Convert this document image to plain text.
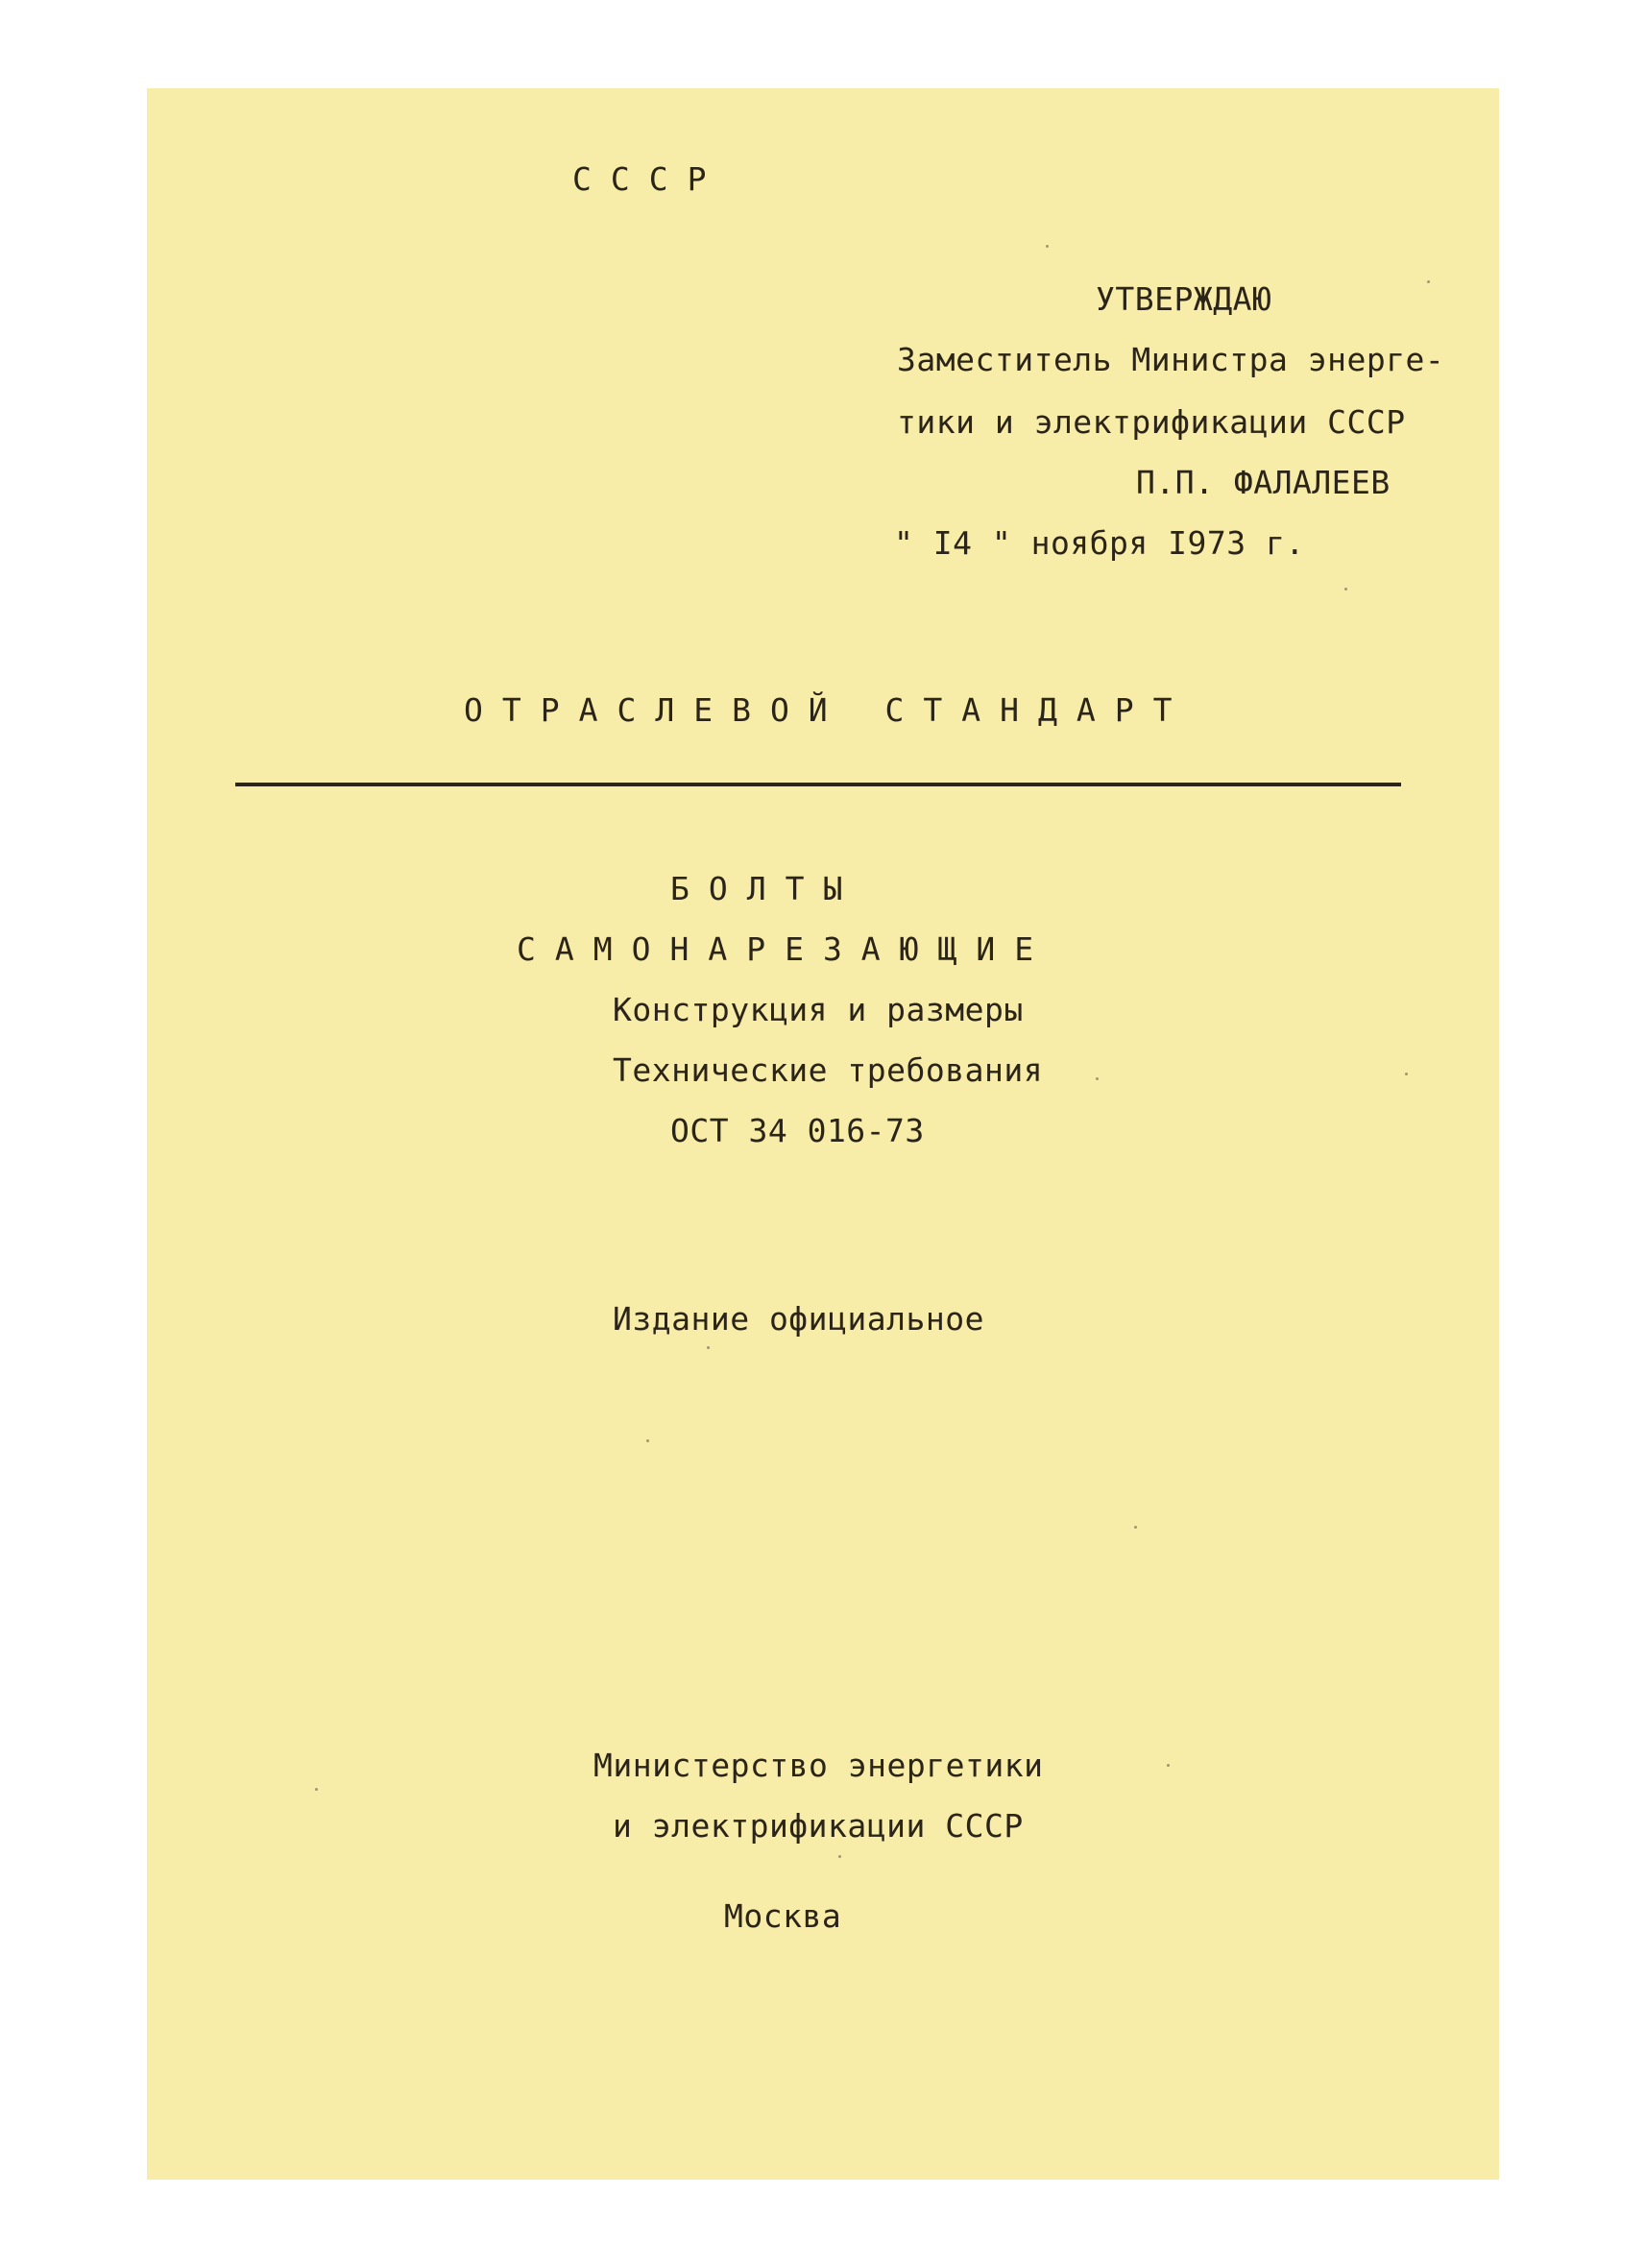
СССР
УТВЕРЖДАЮ
Заместитель Министра энерге-
тики и электрификации СССР
П.П. ФАЛАЛЕЕВ
" I4 " ноября I973 г.
ОТРАСЛЕВОЙ СТАНДАРТ
БОЛТЫ
САМОНАРЕЗАЮЩИЕ
Конструкция и размеры
Технические требования
ОСТ 34 016-73
Издание официальное
Министерство энергетики
и электрификации СССР
Москва
